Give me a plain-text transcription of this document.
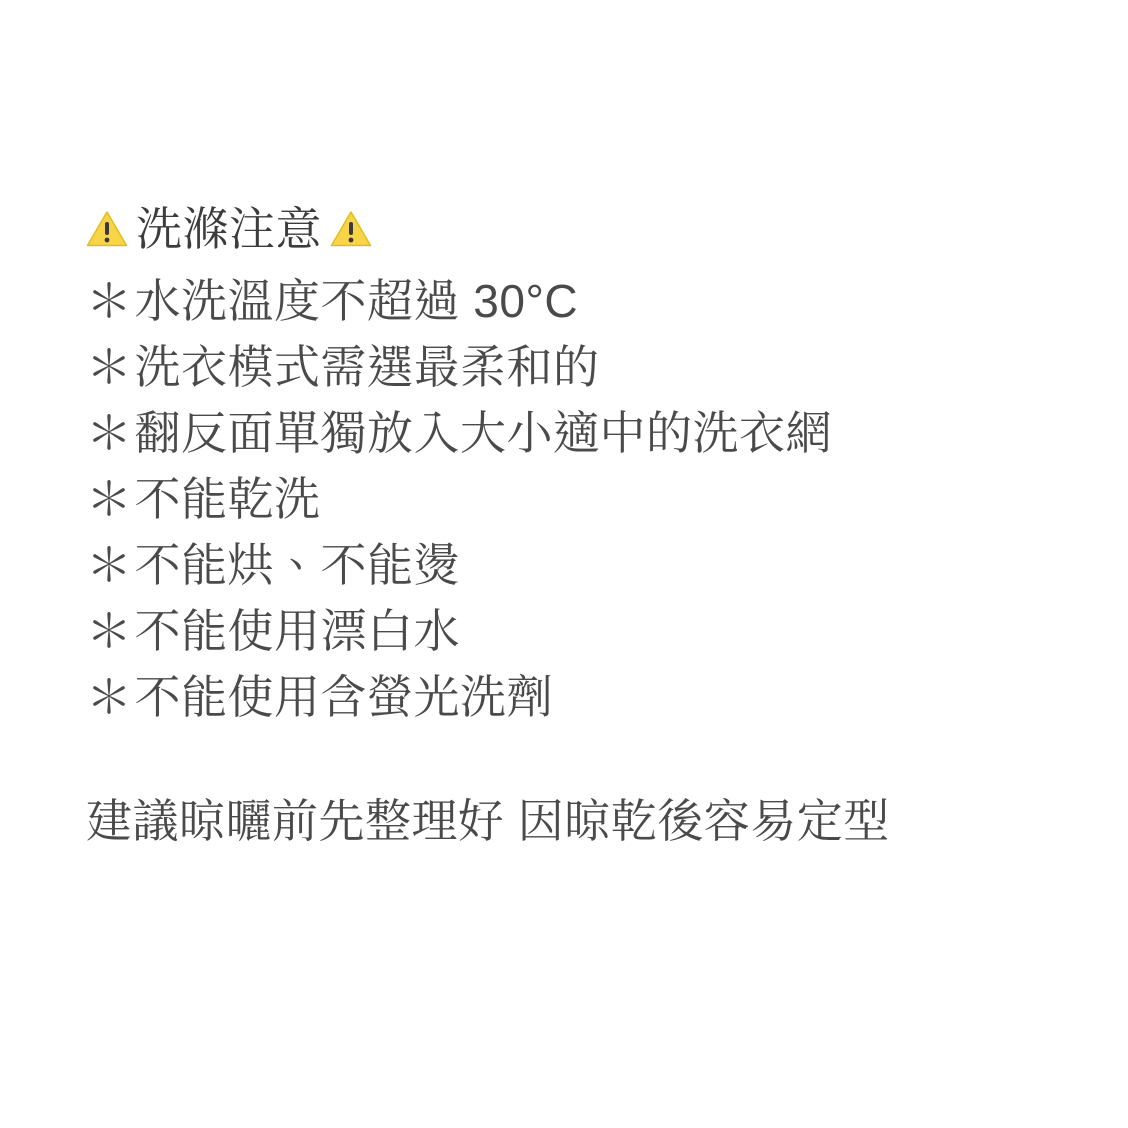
洗滌注意
＊水洗溫度不超過 30°C
＊洗衣模式需選最柔和的
＊翻反面單獨放入大小適中的洗衣網
＊不能乾洗
＊不能烘、不能燙
＊不能使用漂白水
＊不能使用含螢光洗劑
建議晾曬前先整理好 因晾乾後容易定型
